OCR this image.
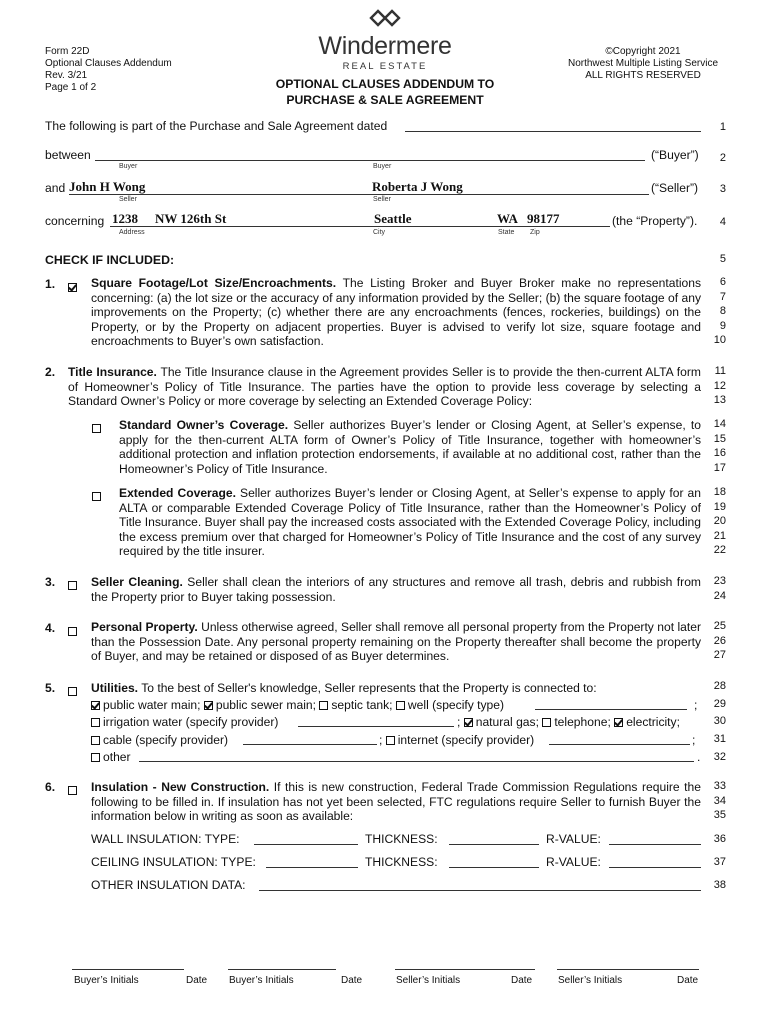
Form 22D
Optional Clauses Addendum
Rev. 3/21
Page 1 of 2
Windermere
REAL ESTATE
OPTIONAL CLAUSES ADDENDUM TO
PURCHASE & SALE AGREEMENT
©Copyright 2021
Northwest Multiple Listing Service
ALL RIGHTS RESERVED
The following is part of the Purchase and Sale Agreement dated
between	(“Buyer”)
Buyer	Buyer
and John H Wong	Roberta J Wong	(“Seller”)
Seller	Seller
concerning 1238 NW 126th St	Seattle	WA 98177	(the “Property”).
Address	City	State Zip
CHECK IF INCLUDED:
1.	Square Footage/Lot Size/Encroachments. The Listing Broker and Buyer Broker make no representations concerning: (a) the lot size or the accuracy of any information provided by the Seller; (b) the square footage of any improvements on the Property; (c) whether there are any encroachments (fences, rockeries, buildings) on the Property, or by the Property on adjacent properties. Buyer is advised to verify lot size, square footage and encroachments to Buyer’s own satisfaction.
2. Title Insurance. The Title Insurance clause in the Agreement provides Seller is to provide the then-current ALTA form of Homeowner’s Policy of Title Insurance. The parties have the option to provide less coverage by selecting a Standard Owner’s Policy or more coverage by selecting an Extended Coverage Policy:
Standard Owner’s Coverage. Seller authorizes Buyer’s lender or Closing Agent, at Seller’s expense, to apply for the then-current ALTA form of Owner’s Policy of Title Insurance, together with homeowner’s additional protection and inflation protection endorsements, if available at no additional cost, rather than the Homeowner’s Policy of Title Insurance.
Extended Coverage. Seller authorizes Buyer’s lender or Closing Agent, at Seller’s expense to apply for an ALTA or comparable Extended Coverage Policy of Title Insurance, rather than the Homeowner’s Policy of Title Insurance. Buyer shall pay the increased costs associated with the Extended Coverage Policy, including the excess premium over that charged for Homeowner’s Policy of Title Insurance and the cost of any survey required by the title insurer.
3.	Seller Cleaning. Seller shall clean the interiors of any structures and remove all trash, debris and rubbish from the Property prior to Buyer taking possession.
4.	Personal Property. Unless otherwise agreed, Seller shall remove all personal property from the Property not later than the Possession Date. Any personal property remaining on the Property thereafter shall become the property of Buyer, and may be retained or disposed of as Buyer determines.
5.	Utilities. To the best of Seller's knowledge, Seller represents that the Property is connected to:
public water main; public sewer main; septic tank; well (specify type)	;
irrigation water (specify provider)	; natural gas; telephone; electricity;
cable (specify provider)	; internet (specify provider)	;
other	.
6.	Insulation - New Construction. If this is new construction, Federal Trade Commission Regulations require the following to be filled in. If insulation has not yet been selected, FTC regulations require Seller to furnish Buyer the information below in writing as soon as available:
WALL INSULATION: TYPE:	THICKNESS:	R-VALUE:
CEILING INSULATION: TYPE:	THICKNESS:	R-VALUE:
OTHER INSULATION DATA:
1
2
3
4
5
6
7
8
9
10
11
12
13
14
15
16
17
18
19
20
21
22
23
24
25
26
27
28
29
30
31
32
33
34
35
36
37
38
Buyer’s Initials	Date Buyer’s Initials	Date	Seller’s Initials	Date	Seller’s Initials	Date
